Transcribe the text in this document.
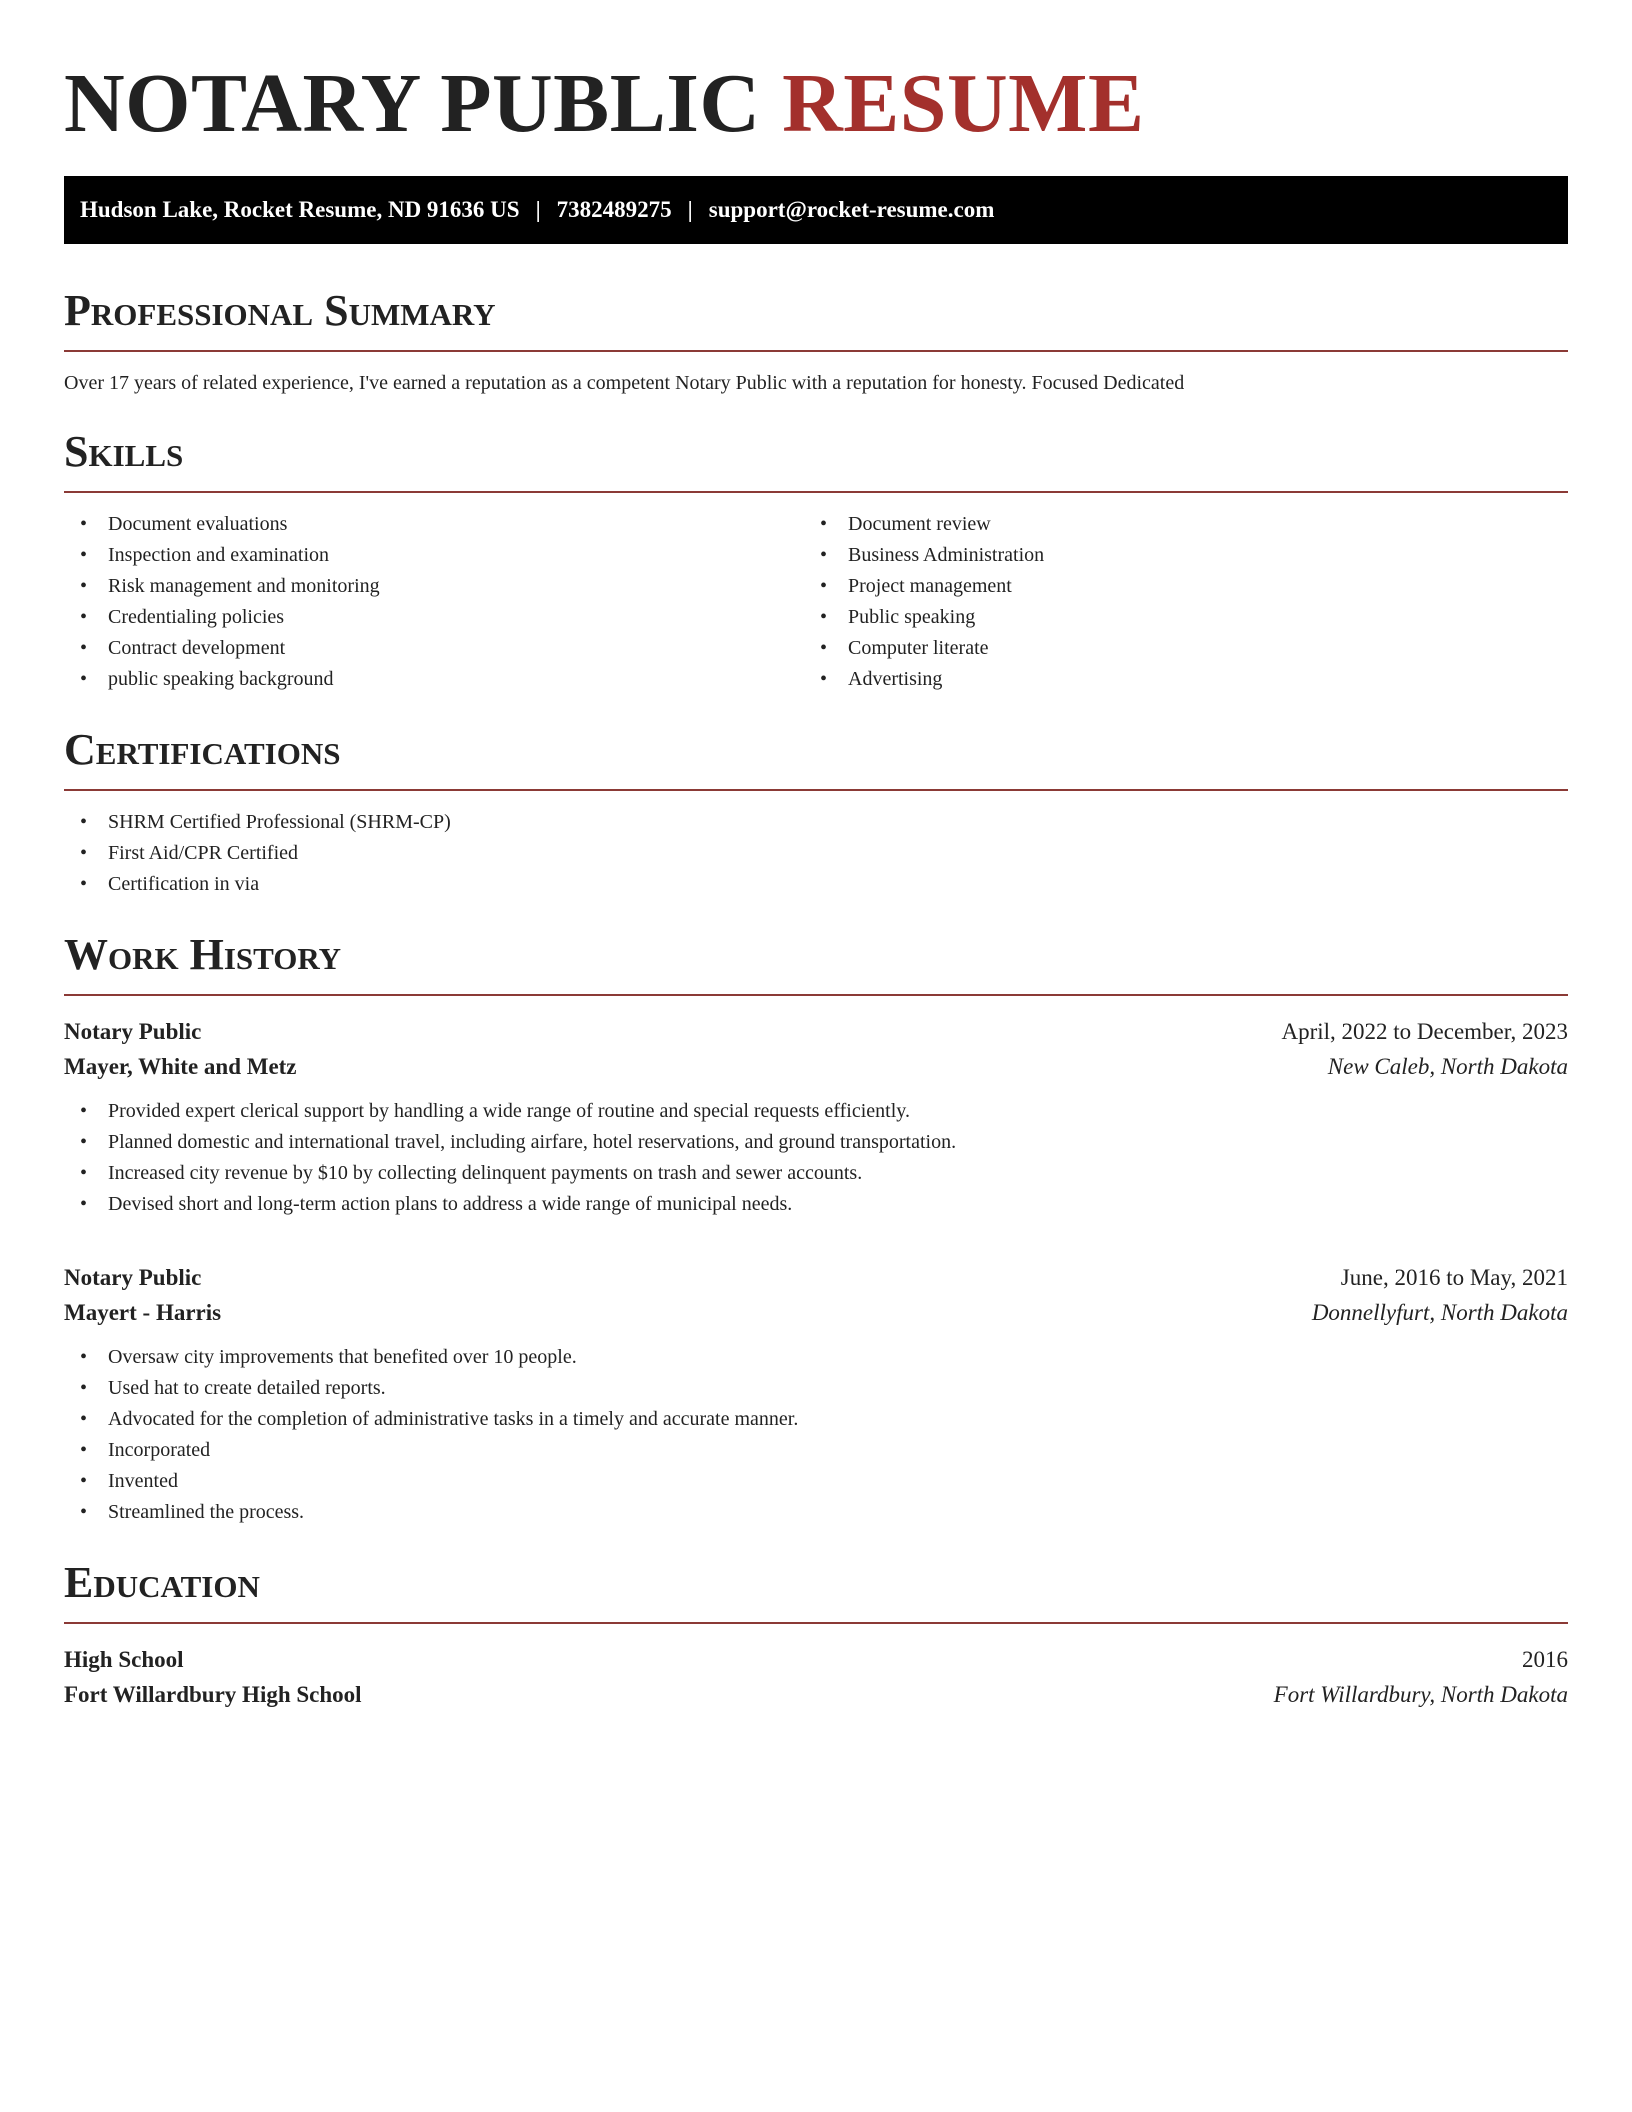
NOTARY PUBLIC RESUME
Hudson Lake, Rocket Resume, ND 91636 US | 7382489275 | support@rocket-resume.com
Professional Summary

Over 17 years of related experience, I've earned a reputation as a competent Notary Public with a reputation for honesty. Focused Dedicated

Skills
• Document evaluations
• Inspection and examination
• Risk management and monitoring
• Credentialing policies
• Contract development
• public speaking background
• Document review
• Business Administration
• Project management
• Public speaking
• Computer literate
• Advertising
Certifications
• SHRM Certified Professional (SHRM-CP)
• First Aid/CPR Certified
• Certification in via
Work History
Notary Public	April, 2022 to December, 2023
Mayer, White and Metz	New Caleb, North Dakota
• Provided expert clerical support by handling a wide range of routine and special requests efficiently.
• Planned domestic and international travel, including airfare, hotel reservations, and ground transportation.
• Increased city revenue by $10 by collecting delinquent payments on trash and sewer accounts.
• Devised short and long-term action plans to address a wide range of municipal needs.
Notary Public	June, 2016 to May, 2021
Mayert - Harris	Donnellyfurt, North Dakota
• Oversaw city improvements that benefited over 10 people.
• Used hat to create detailed reports.
• Advocated for the completion of administrative tasks in a timely and accurate manner.
• Incorporated
• Invented
• Streamlined the process.
Education
High School	2016
Fort Willardbury High School	Fort Willardbury, North Dakota
